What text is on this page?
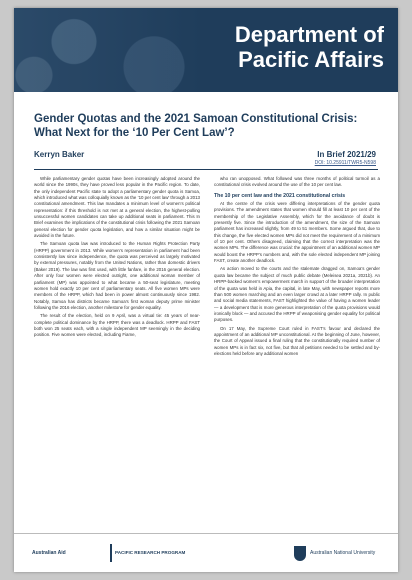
Department of Pacific Affairs
Gender Quotas and the 2021 Samoan Constitutional Crisis: What Next for the ‘10 Per Cent Law’?
Kerryn Baker	In Brief 2021/29
DOI: 10.25911/TWR5-N598

While parliamentary gender quotas have been increasingly adopted around the world since the 1990s, they have proved less popular in the Pacific region. To date, the only independent Pacific state to adopt a parliamentary gender quota is Samoa, which introduced what was colloquially known as the ‘10 per cent law’ through a 2013 constitutional amendment. This law mandates a minimum level of women’s political representation: if this threshold is not met at a general election, the highest-polling unsuccessful women candidates can take up additional seats in parliament. This In Brief examines the implications of the constitutional crisis following the 2021 Samoan general election for gender quota legislation, and how a similar situation might be avoided in the future.

The Samoan quota law was introduced to the Human Rights Protection Party (HRPP) government in 2013. While women’s representation in parliament had been consistently low since independence, the quota was perceived as largely motivated by external pressures, notably from the United Nations, rather than domestic drivers (Baker 2019). The law was first used, with little fanfare, in the 2016 general election. After only four women were elected outright, one additional woman member of parliament (MP) was appointed to what became a 50-seat legislature, meeting women hold exactly 10 per cent of parliamentary seats. All five women MPs were members of the HRPP, which had been in power almost continuously since 1982. Notably, Samoa has districts became Samoa’s first woman deputy prime minister following the 2016 election, another milestone for gender equality.

The result of the election, held on 9 April, was a virtual tie: 45 years of near-complete political dominance by the HRPP, there was a deadlock. HRPP and FAST both won 25 seats each, with a single independent MP seemingly in the deciding position. Five women were elected, including Fiame,

who ran unopposed. What followed was three months of political turmoil as a constitutional crisis evolved around the use of the 10 per cent law.

The 10 per cent law and the 2021 constitutional crisis

At the centre of the crisis were differing interpretations of the gender quota provisions. The amendment states that women should fill at least 10 per cent of the membership of the Legislative Assembly, which for the avoidance of doubt is presently five. Since the introduction of the amendment, the size of the Samoan parliament has increased slightly, from 49 to 51 members. Some argued that, due to this change, the five elected women MPs did not meet the requirement of a minimum of 10 per cent. Others disagreed, claiming that the correct interpretation was the women MPs. The difference was crucial: the appointment of an additional women MP would boost the HRPP’s numbers and, with the sole elected independent MP joining FAST, create another deadlock.

As action moved to the courts and the stalemate dragged on, Samoa’s gender quota law became the subject of much public debate (Meleisea 2021a, 2021b). An HRPP-backed women’s empowerment march in support of the broader interpretation of the quota was held in Apia, the capital, in late May, with newspaper reports more than 500 women marching and an even larger crowd at a later HRPP rally. In public and social media statements, FAST highlighted the value of having a women leader — a development that is more generous interpretation of the quota provisions would ironically block — and accused the HRPP of weaponising gender equality for political purposes.

On 17 May, the Supreme Court ruled in FAST’s favour and declared the appointment of an additional MP unconstitutional. At the beginning of June, however, the Court of Appeal issued a final ruling that the constitutionally required number of women MPs is in fact six, not five, but that all petitions needed to be settled and by-elections held before any additional women

Australian Aid	PACIFIC RESEARCH PROGRAM	Australian National University
